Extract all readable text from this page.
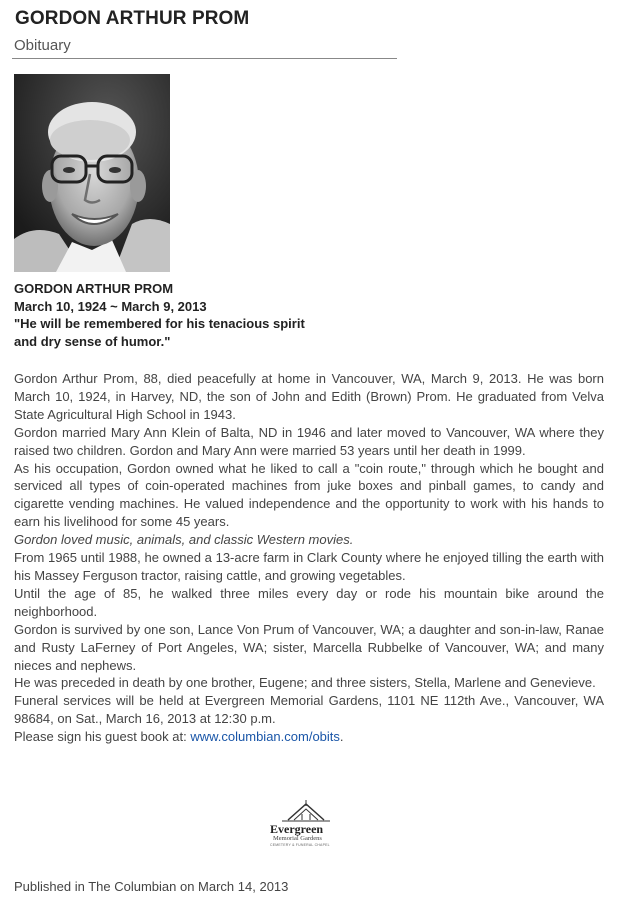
GORDON ARTHUR PROM
Obituary
GORDON ARTHUR PROM
March 10, 1924 ~ March 9, 2013
"He will be remembered for his tenacious spirit
and dry sense of humor."

Gordon Arthur Prom, 88, died peacefully at home in Vancouver, WA, March 9, 2013. He was born March 10, 1924, in Harvey, ND, the son of John and Edith (Brown) Prom. He graduated from Velva State Agricultural High School in 1943.

Gordon married Mary Ann Klein of Balta, ND in 1946 and later moved to Vancouver, WA where they raised two children. Gordon and Mary Ann were married 53 years until her death in 1999.

As his occupation, Gordon owned what he liked to call a "coin route," through which he bought and serviced all types of coin-operated machines from juke boxes and pinball games, to candy and cigarette vending machines. He valued independence and the opportunity to work with his hands to earn his livelihood for some 45 years.

Gordon loved music, animals, and classic Western movies.

From 1965 until 1988, he owned a 13-acre farm in Clark County where he enjoyed tilling the earth with his Massey Ferguson tractor, raising cattle, and growing vegetables.

Until the age of 85, he walked three miles every day or rode his mountain bike around the neighborhood.

Gordon is survived by one son, Lance Von Prum of Vancouver, WA; a daughter and son-in-law, Ranae and Rusty LaFerney of Port Angeles, WA; sister, Marcella Rubbelke of Vancouver, WA; and many nieces and nephews.

He was preceded in death by one brother, Eugene; and three sisters, Stella, Marlene and Genevieve.

Funeral services will be held at Evergreen Memorial Gardens, 1101 NE 112th Ave., Vancouver, WA 98684, on Sat., March 16, 2013 at 12:30 p.m.

Please sign his guest book at: www.columbian.com/obits.

Evergreen
Memorial Gardens
CEMETERY & FUNERAL CHAPEL
Published in The Columbian on March 14, 2013
